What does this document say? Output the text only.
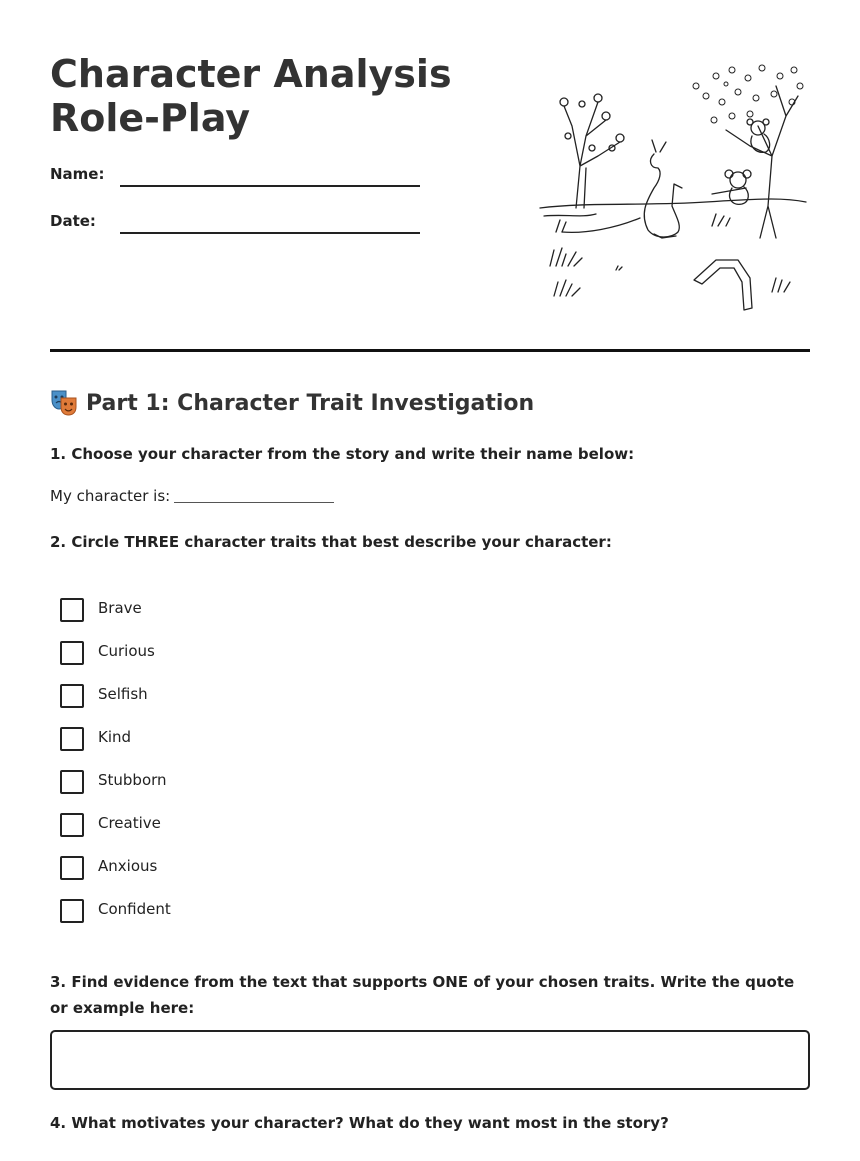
Character Analysis Role-Play
Name:
Date:
Part 1: Character Trait Investigation

1. Choose your character from the story and write their name below:

My character is:

2. Circle THREE character traits that best describe your character:

Brave
Curious
Selfish
Kind
Stubborn
Creative
Anxious
Confident

3. Find evidence from the text that supports ONE of your chosen traits. Write the quote or example here:

4. What motivates your character? What do they want most in the story?
